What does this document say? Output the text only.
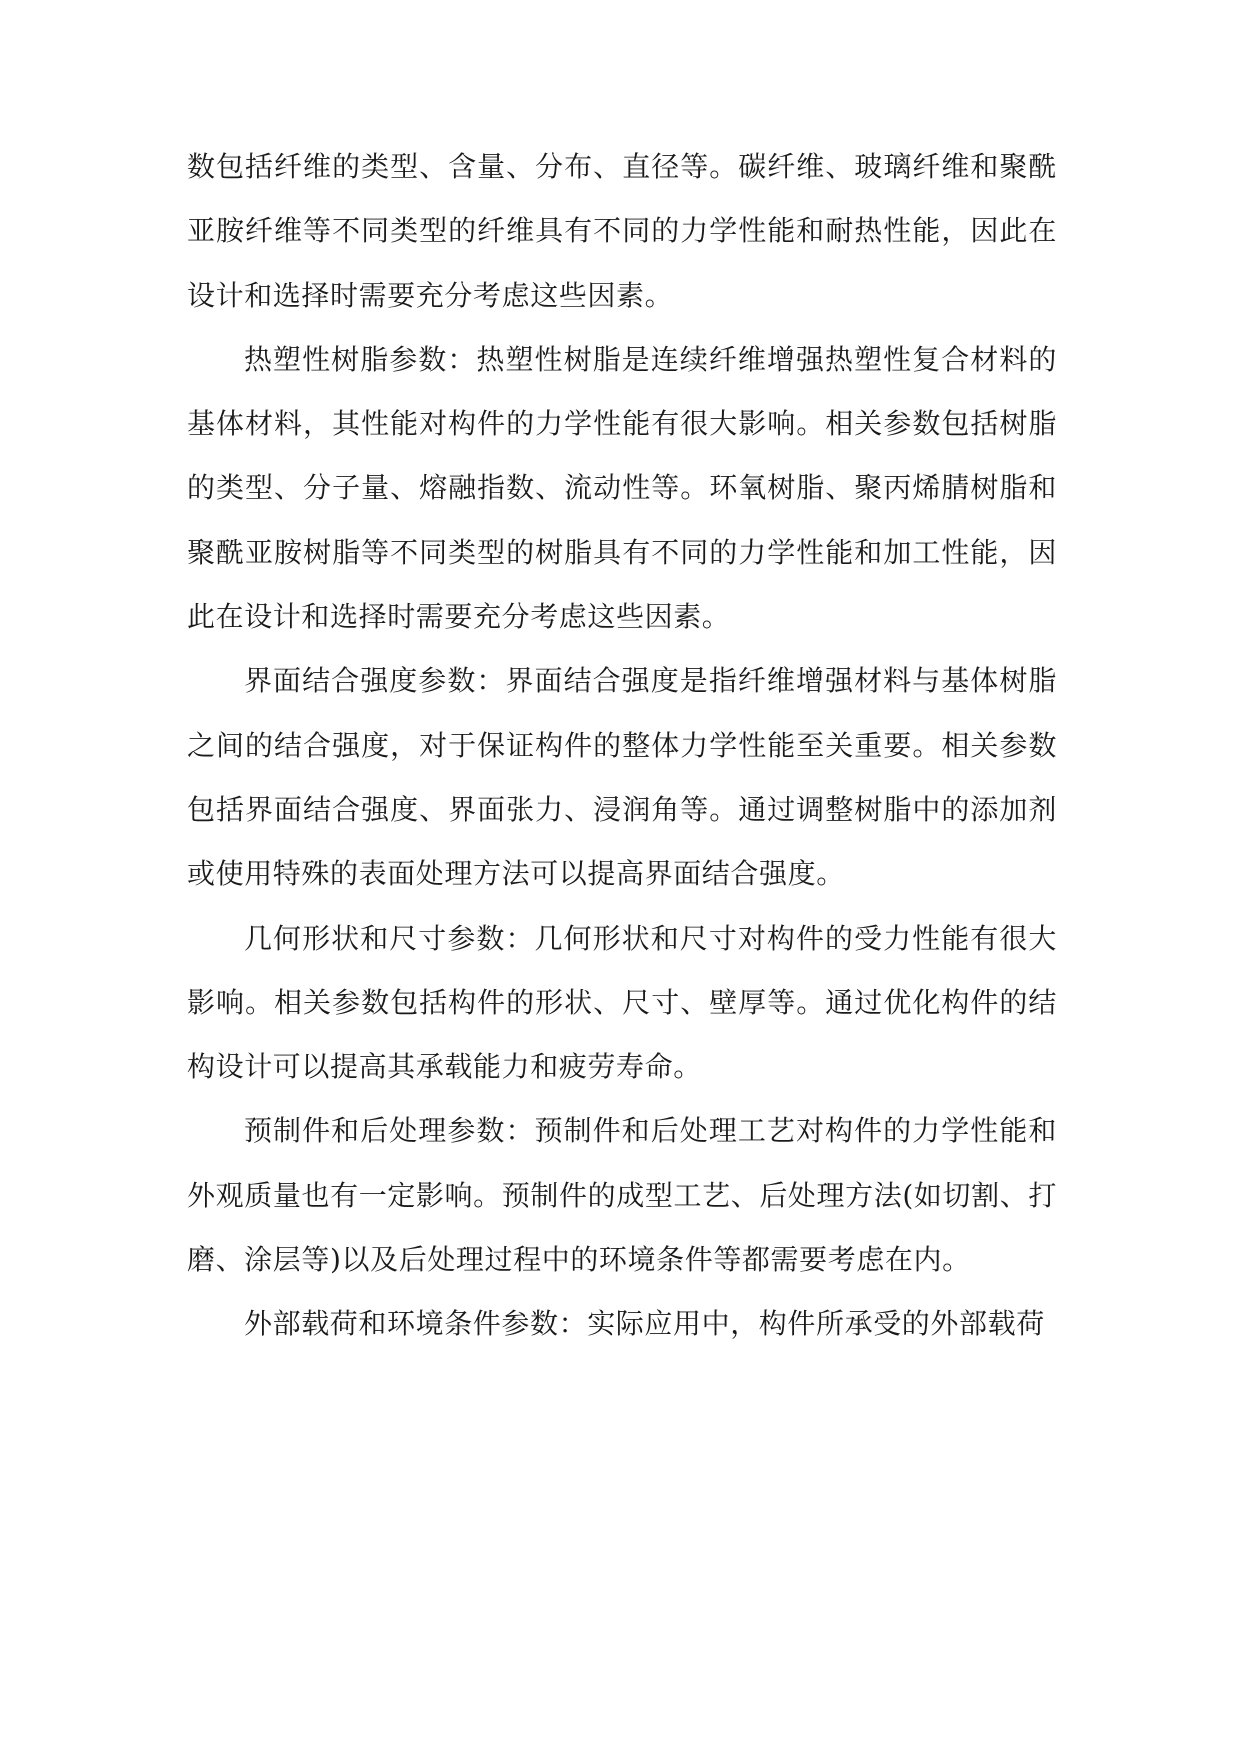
数包括纤维的类型、含量、分布、直径等。碳纤维、玻璃纤维和聚酰亚胺纤维等不同类型的纤维具有不同的力学性能和耐热性能，因此在设计和选择时需要充分考虑这些因素。

热塑性树脂参数：热塑性树脂是连续纤维增强热塑性复合材料的基体材料，其性能对构件的力学性能有很大影响。相关参数包括树脂的类型、分子量、熔融指数、流动性等。环氧树脂、聚丙烯腈树脂和聚酰亚胺树脂等不同类型的树脂具有不同的力学性能和加工性能，因此在设计和选择时需要充分考虑这些因素。

界面结合强度参数：界面结合强度是指纤维增强材料与基体树脂之间的结合强度，对于保证构件的整体力学性能至关重要。相关参数包括界面结合强度、界面张力、浸润角等。通过调整树脂中的添加剂或使用特殊的表面处理方法可以提高界面结合强度。

几何形状和尺寸参数：几何形状和尺寸对构件的受力性能有很大影响。相关参数包括构件的形状、尺寸、壁厚等。通过优化构件的结构设计可以提高其承载能力和疲劳寿命。

预制件和后处理参数：预制件和后处理工艺对构件的力学性能和外观质量也有一定影响。预制件的成型工艺、后处理方法(如切割、打磨、涂层等)以及后处理过程中的环境条件等都需要考虑在内。

外部载荷和环境条件参数：实际应用中，构件所承受的外部载荷
